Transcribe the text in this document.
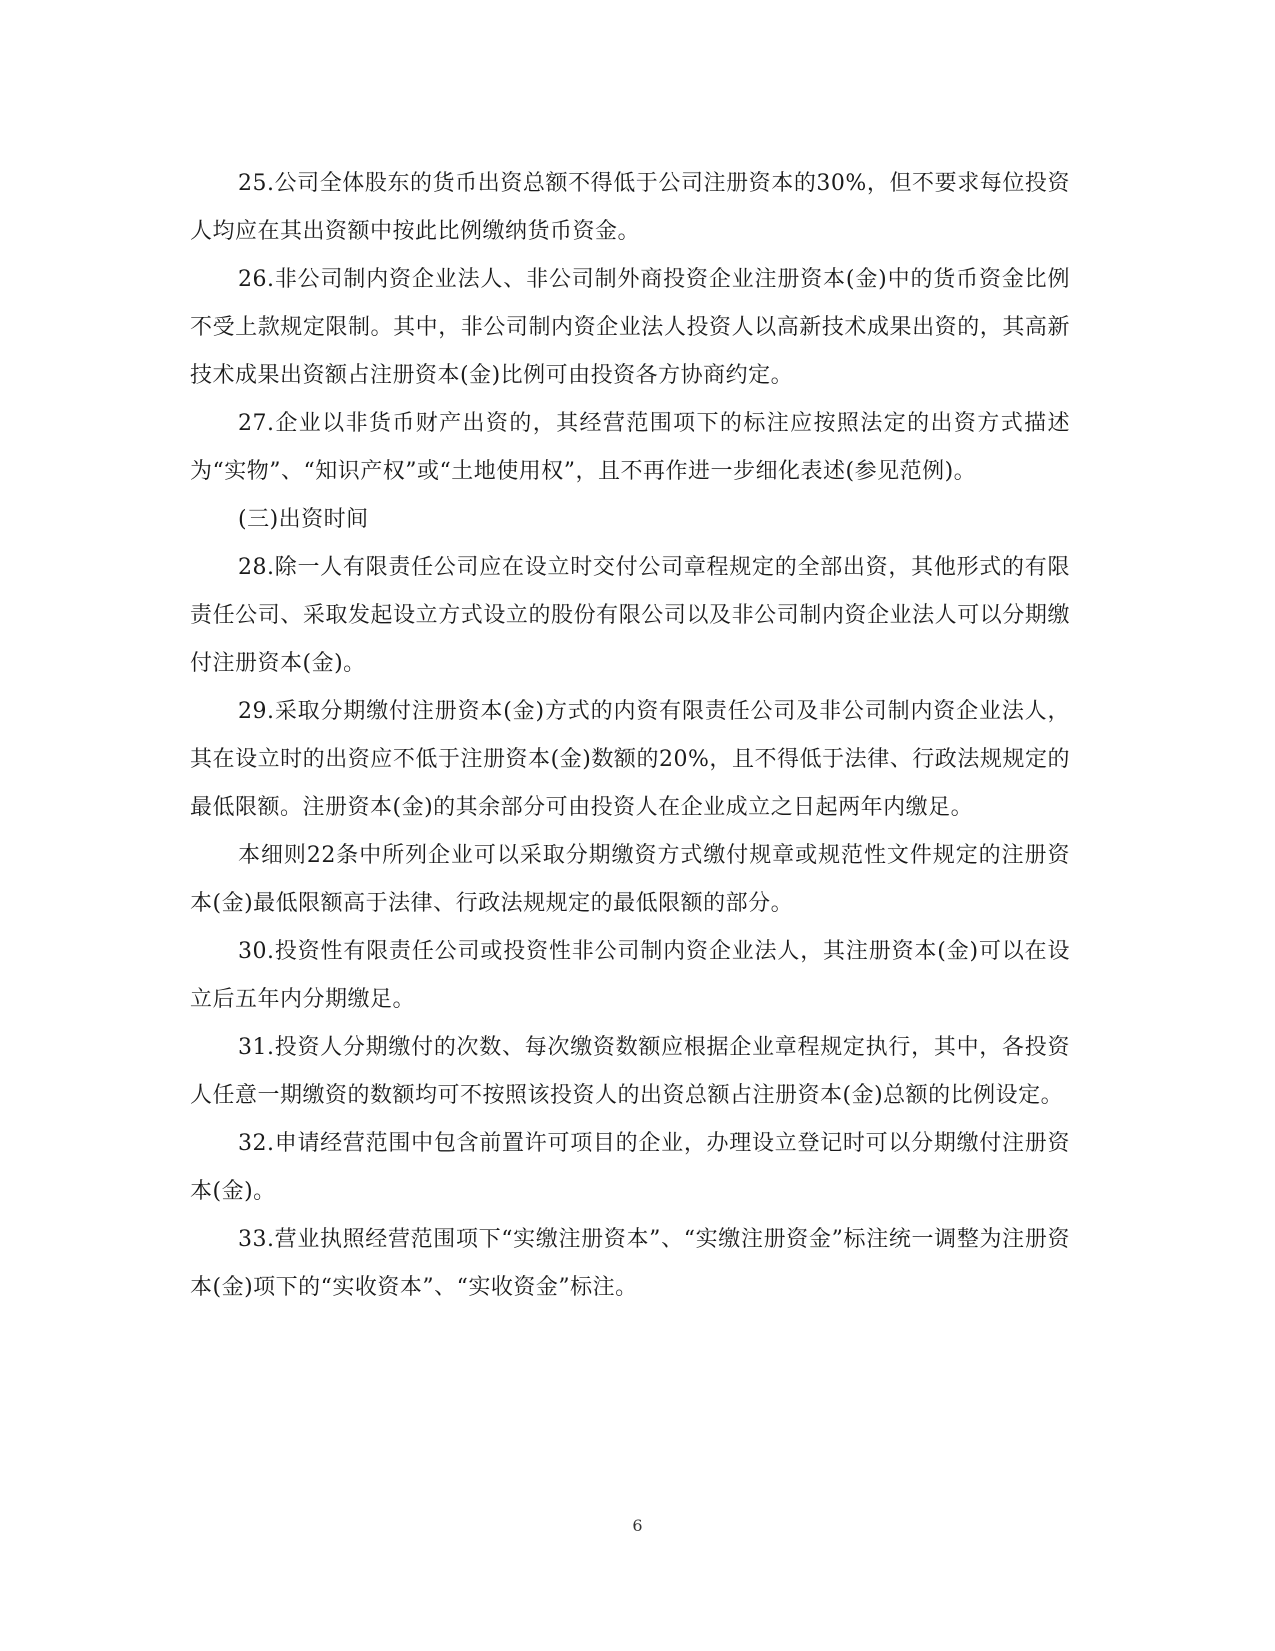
25.公司全体股东的货币出资总额不得低于公司注册资本的30%，但不要求每位投资人均应在其出资额中按此比例缴纳货币资金。

26.非公司制内资企业法人、非公司制外商投资企业注册资本(金)中的货币资金比例不受上款规定限制。其中，非公司制内资企业法人投资人以高新技术成果出资的，其高新技术成果出资额占注册资本(金)比例可由投资各方协商约定。

27.企业以非货币财产出资的，其经营范围项下的标注应按照法定的出资方式描述为“实物”、“知识产权”或“土地使用权”，且不再作进一步细化表述(参见范例)。

(三)出资时间

28.除一人有限责任公司应在设立时交付公司章程规定的全部出资，其他形式的有限责任公司、采取发起设立方式设立的股份有限公司以及非公司制内资企业法人可以分期缴付注册资本(金)。

29.采取分期缴付注册资本(金)方式的内资有限责任公司及非公司制内资企业法人，其在设立时的出资应不低于注册资本(金)数额的20%，且不得低于法律、行政法规规定的最低限额。注册资本(金)的其余部分可由投资人在企业成立之日起两年内缴足。

本细则22条中所列企业可以采取分期缴资方式缴付规章或规范性文件规定的注册资本(金)最低限额高于法律、行政法规规定的最低限额的部分。

30.投资性有限责任公司或投资性非公司制内资企业法人，其注册资本(金)可以在设立后五年内分期缴足。

31.投资人分期缴付的次数、每次缴资数额应根据企业章程规定执行，其中，各投资人任意一期缴资的数额均可不按照该投资人的出资总额占注册资本(金)总额的比例设定。

32.申请经营范围中包含前置许可项目的企业，办理设立登记时可以分期缴付注册资本(金)。

33.营业执照经营范围项下“实缴注册资本”、“实缴注册资金”标注统一调整为注册资本(金)项下的“实收资本”、“实收资金”标注。

6
